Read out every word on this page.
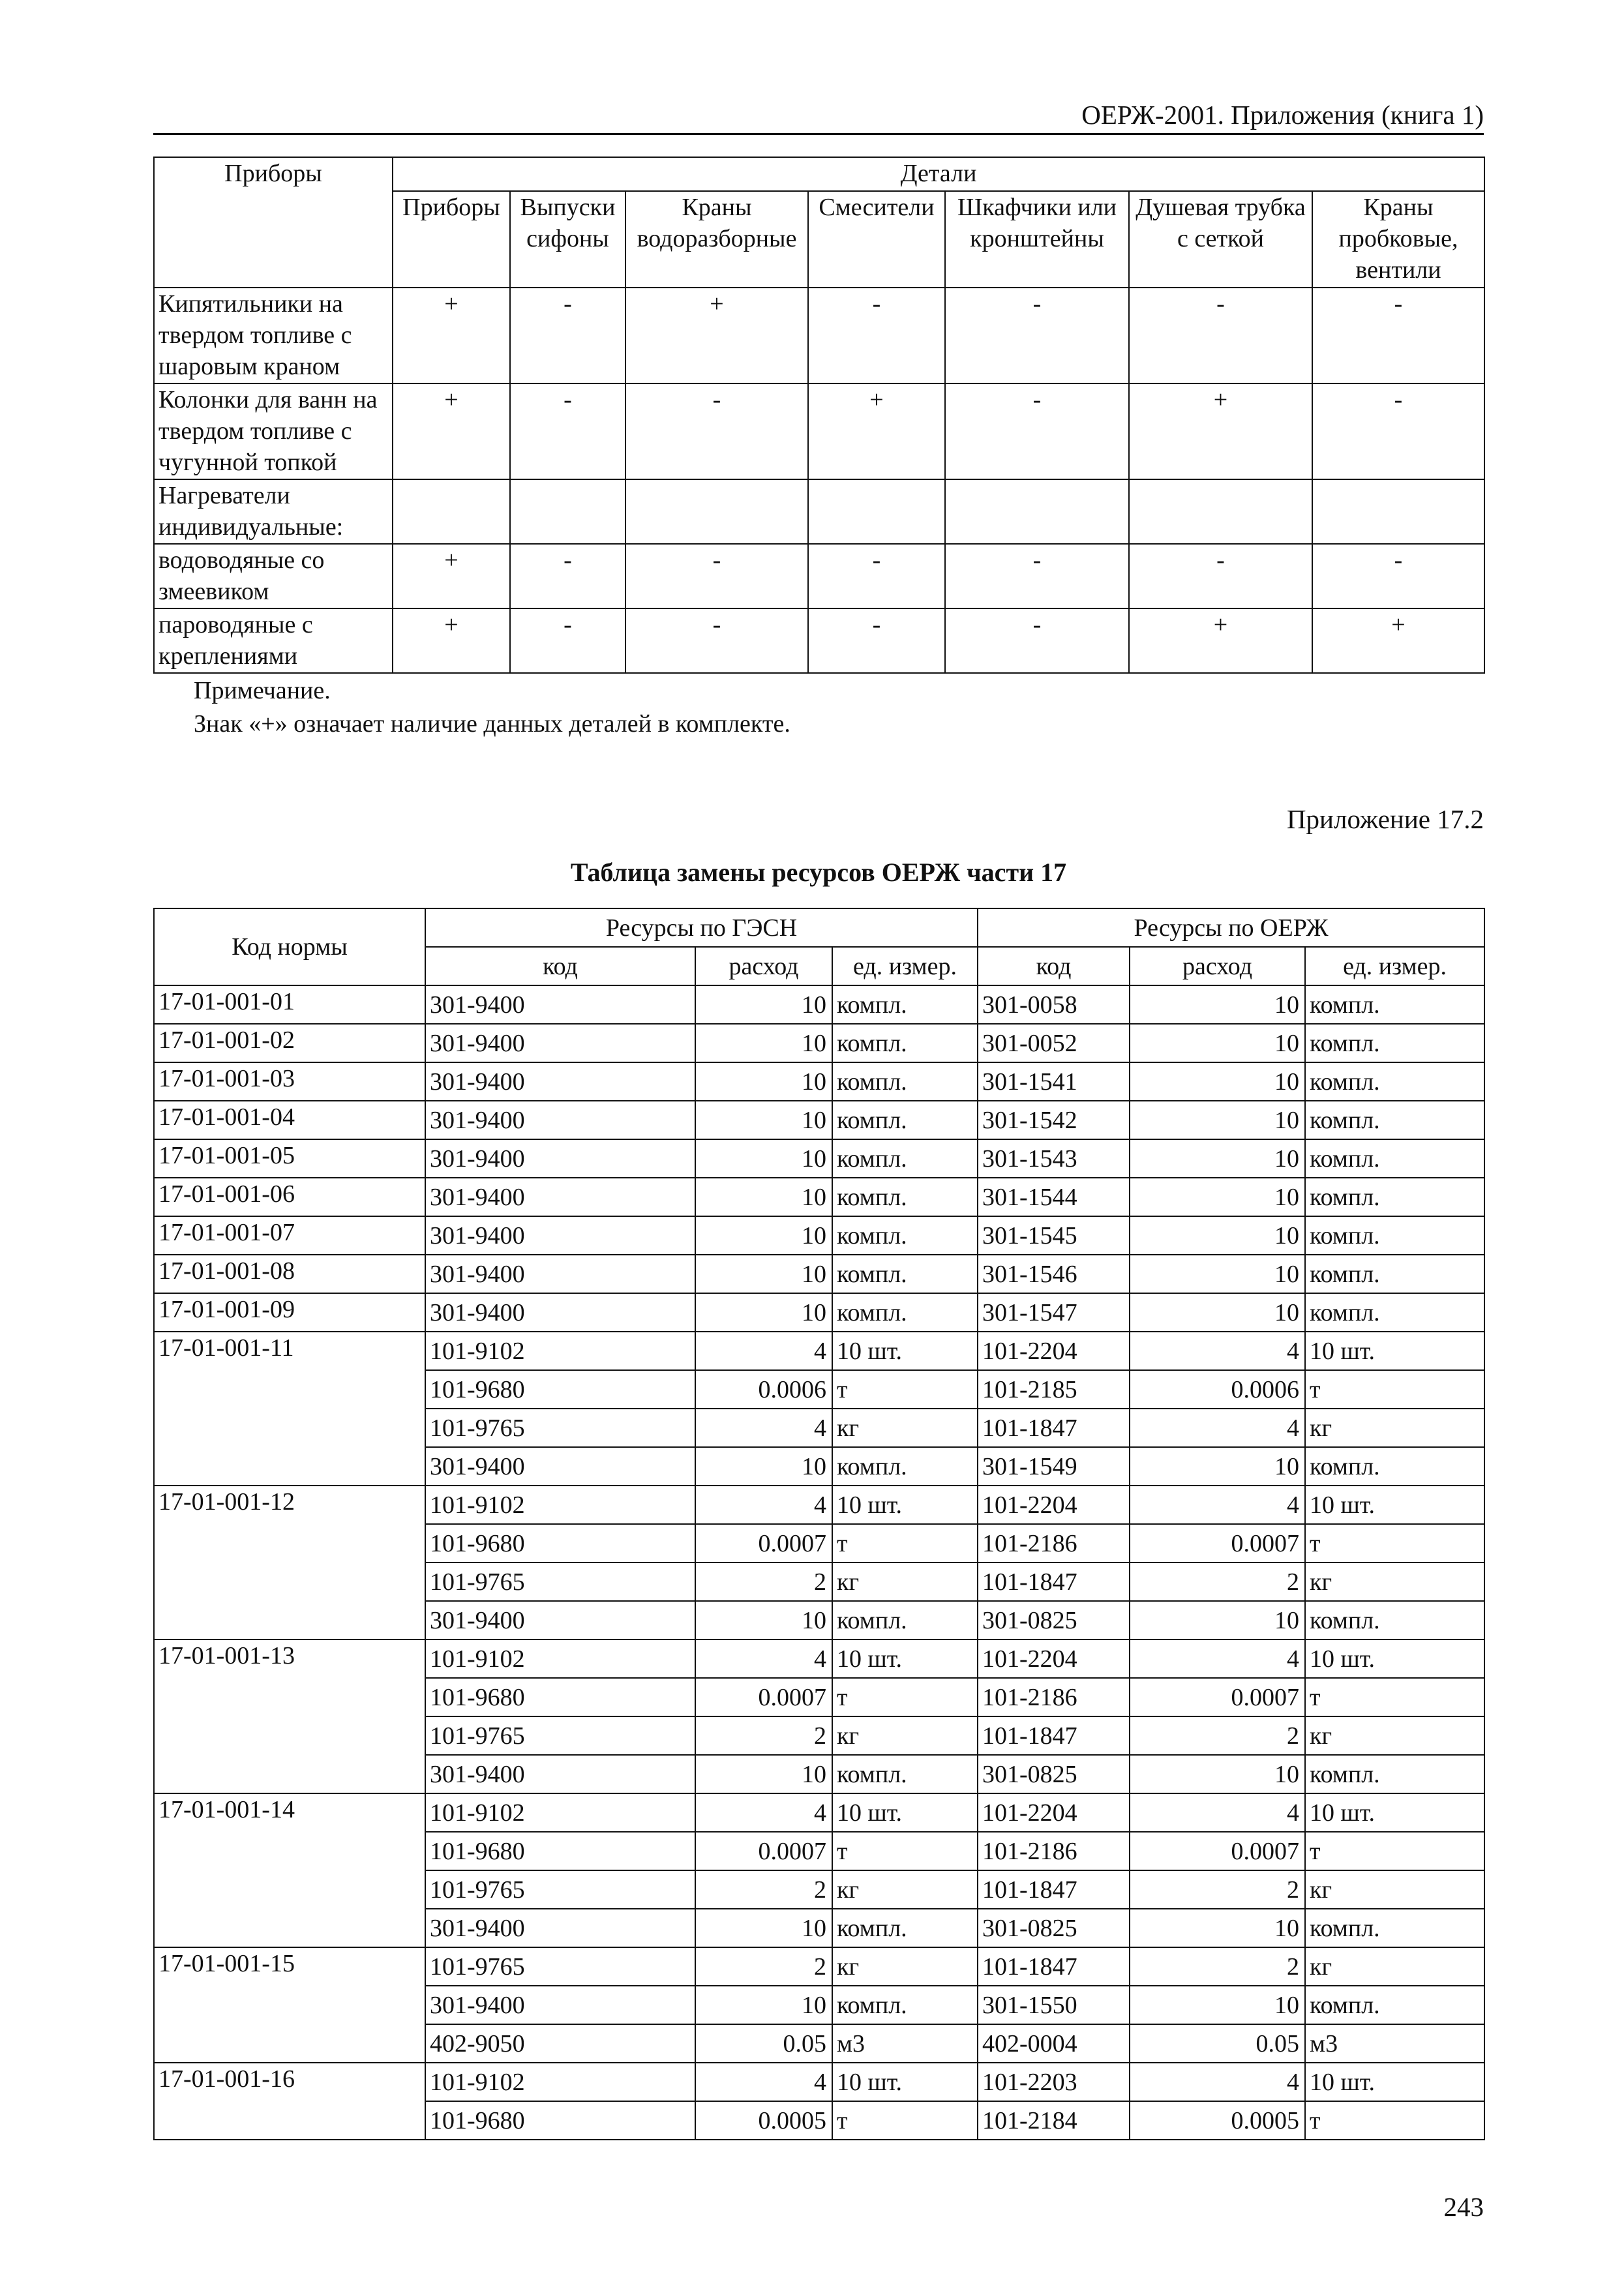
ОЕРЖ-2001. Приложения (книга 1)
Приборы	Детали						
	Приборы	Выпуски сифоны	Краны водоразборные	Смесители	Шкафчики или кронштейны	Душевая трубка с сеткой	Краны пробковые, вентили
Кипятильники на твердом топливе с шаровым краном	+	-	+	-	-	-	-
Колонки для ванн на твердом топливе с чугунной топкой	+	-	-	+	-	+	-
Нагреватели индивидуальные:							
водоводяные со змеевиком	+	-	-	-	-	-	-
пароводяные с креплениями	+	-	-	-	-	+	+
Примечание.
Знак «+» означает наличие данных деталей в комплекте.
Приложение 17.2
Таблица замены ресурсов ОЕРЖ части 17
Код нормы	Ресурсы по ГЭСН			Ресурсы по ОЕРЖ		
	код	расход	ед. измер.	код	расход	ед. измер.
17-01-001-01	301-9400	10	компл.	301-0058	10	компл.
17-01-001-02	301-9400	10	компл.	301-0052	10	компл.
17-01-001-03	301-9400	10	компл.	301-1541	10	компл.
17-01-001-04	301-9400	10	компл.	301-1542	10	компл.
17-01-001-05	301-9400	10	компл.	301-1543	10	компл.
17-01-001-06	301-9400	10	компл.	301-1544	10	компл.
17-01-001-07	301-9400	10	компл.	301-1545	10	компл.
17-01-001-08	301-9400	10	компл.	301-1546	10	компл.
17-01-001-09	301-9400	10	компл.	301-1547	10	компл.
17-01-001-11	101-9102	4	10 шт.	101-2204	4	10 шт.
	101-9680	0.0006	т	101-2185	0.0006	т
	101-9765	4	кг	101-1847	4	кг
	301-9400	10	компл.	301-1549	10	компл.
17-01-001-12	101-9102	4	10 шт.	101-2204	4	10 шт.
	101-9680	0.0007	т	101-2186	0.0007	т
	101-9765	2	кг	101-1847	2	кг
	301-9400	10	компл.	301-0825	10	компл.
17-01-001-13	101-9102	4	10 шт.	101-2204	4	10 шт.
	101-9680	0.0007	т	101-2186	0.0007	т
	101-9765	2	кг	101-1847	2	кг
	301-9400	10	компл.	301-0825	10	компл.
17-01-001-14	101-9102	4	10 шт.	101-2204	4	10 шт.
	101-9680	0.0007	т	101-2186	0.0007	т
	101-9765	2	кг	101-1847	2	кг
	301-9400	10	компл.	301-0825	10	компл.
17-01-001-15	101-9765	2	кг	101-1847	2	кг
	301-9400	10	компл.	301-1550	10	компл.
	402-9050	0.05	м3	402-0004	0.05	м3
17-01-001-16	101-9102	4	10 шт.	101-2203	4	10 шт.
	101-9680	0.0005	т	101-2184	0.0005	т
243
